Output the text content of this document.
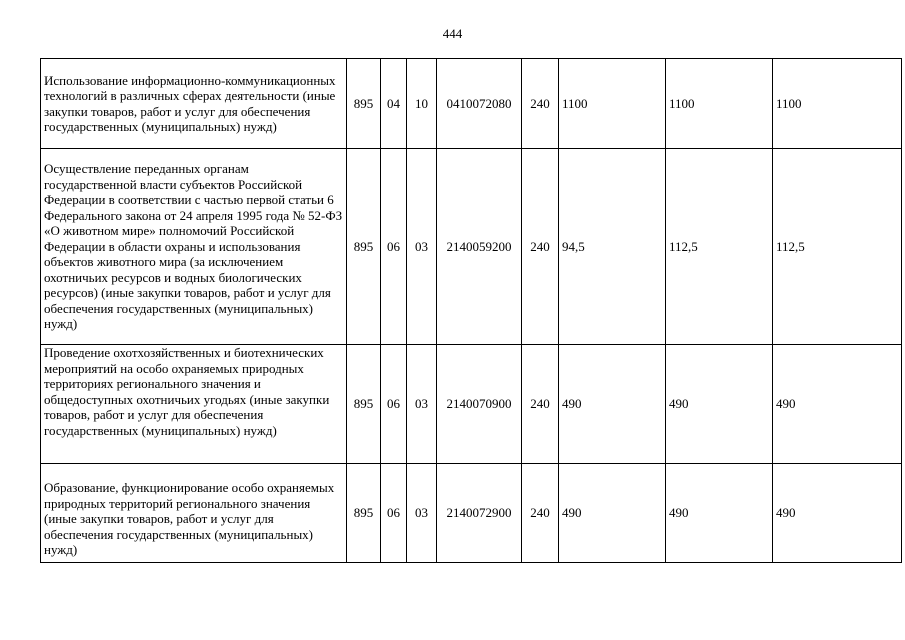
444
Использование информационно-коммуникационных технологий в различных сферах деятельности (иные закупки товаров, работ и услуг для обеспечения государственных (муниципальных) нужд)	895	04	10	0410072080	240	1100	1100	1100
Осуществление переданных органам государственной власти субъектов Российской Федерации в соответствии с частью первой статьи 6 Федерального закона от 24 апреля 1995 года № 52-ФЗ «О животном мире» полномочий Российской Федерации в области охраны и использования объектов животного мира (за исключением охотничьих ресурсов и водных биологических ресурсов) (иные закупки товаров, работ и услуг для обеспечения государственных (муниципальных) нужд)	895	06	03	2140059200	240	94,5	112,5	112,5
Проведение охотхозяйственных и биотехнических мероприятий на особо охраняемых природных территориях регионального значения и общедоступных охотничьих угодьях (иные закупки товаров, работ и услуг для обеспечения государственных (муниципальных) нужд)	895	06	03	2140070900	240	490	490	490
Образование, функционирование особо охраняемых природных территорий регионального значения (иные закупки товаров, работ и услуг для обеспечения государственных (муниципальных) нужд)	895	06	03	2140072900	240	490	490	490
